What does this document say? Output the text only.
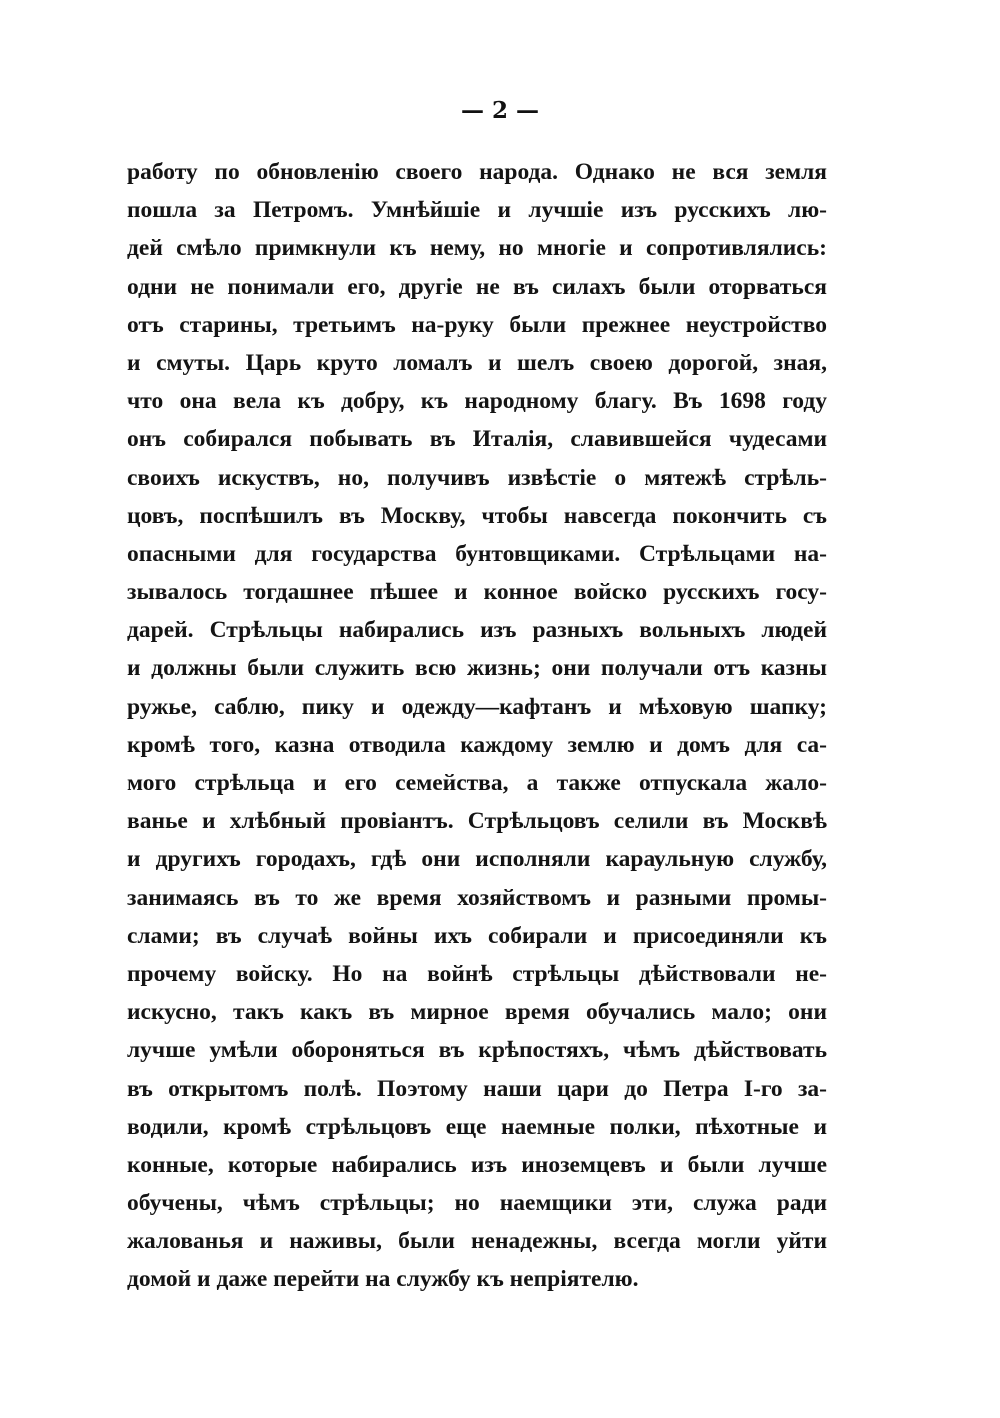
— 2 —
работу по обновленію своего народа. Однако не вся земля
пошла за Петромъ. Умнѣйшіе и лучшіе изъ русскихъ лю-
дей смѣло примкнули къ нему, но многіе и сопротивлялись:
одни не понимали его, другіе не въ силахъ были оторваться
отъ старины, третьимъ на-руку были прежнее неустройство
и смуты. Царь круто ломалъ и шелъ своею дорогой, зная,
что она вела къ добру, къ народному благу. Въ 1698 году
онъ собирался побывать въ Италія, славившейся чудесами
своихъ искуствъ, но, получивъ извѣстіе о мятежѣ стрѣль-
цовъ, поспѣшилъ въ Москву, чтобы навсегда покончить съ
опасными для государства бунтовщиками. Стрѣльцами на-
зывалось тогдашнее пѣшее и конное войско русскихъ госу-
дарей. Стрѣльцы набирались изъ разныхъ вольныхъ людей
и должны были служить всю жизнь; они получали отъ казны
ружье, саблю, пику и одежду—кафтанъ и мѣховую шапку;
кромѣ того, казна отводила каждому землю и домъ для са-
мого стрѣльца и его семейства, а также отпускала жало-
ванье и хлѣбный провіантъ. Стрѣльцовъ селили въ Москвѣ
и другихъ городахъ, гдѣ они исполняли караульную службу,
занимаясь въ то же время хозяйствомъ и разными промы-
слами; въ случаѣ войны ихъ собирали и присоединяли къ
прочему войску. Но на войнѣ стрѣльцы дѣйствовали не-
искусно, такъ какъ въ мирное время обучались мало; они
лучше умѣли обороняться въ крѣпостяхъ, чѣмъ дѣйствовать
въ открытомъ полѣ. Поэтому наши цари до Петра I-го за-
водили, кромѣ стрѣльцовъ еще наемные полки, пѣхотные и
конные, которые набирались изъ иноземцевъ и были лучше
обучены, чѣмъ стрѣльцы; но наемщики эти, служа ради
жалованья и наживы, были ненадежны, всегда могли уйти
домой и даже перейти на службу къ непріятелю.
